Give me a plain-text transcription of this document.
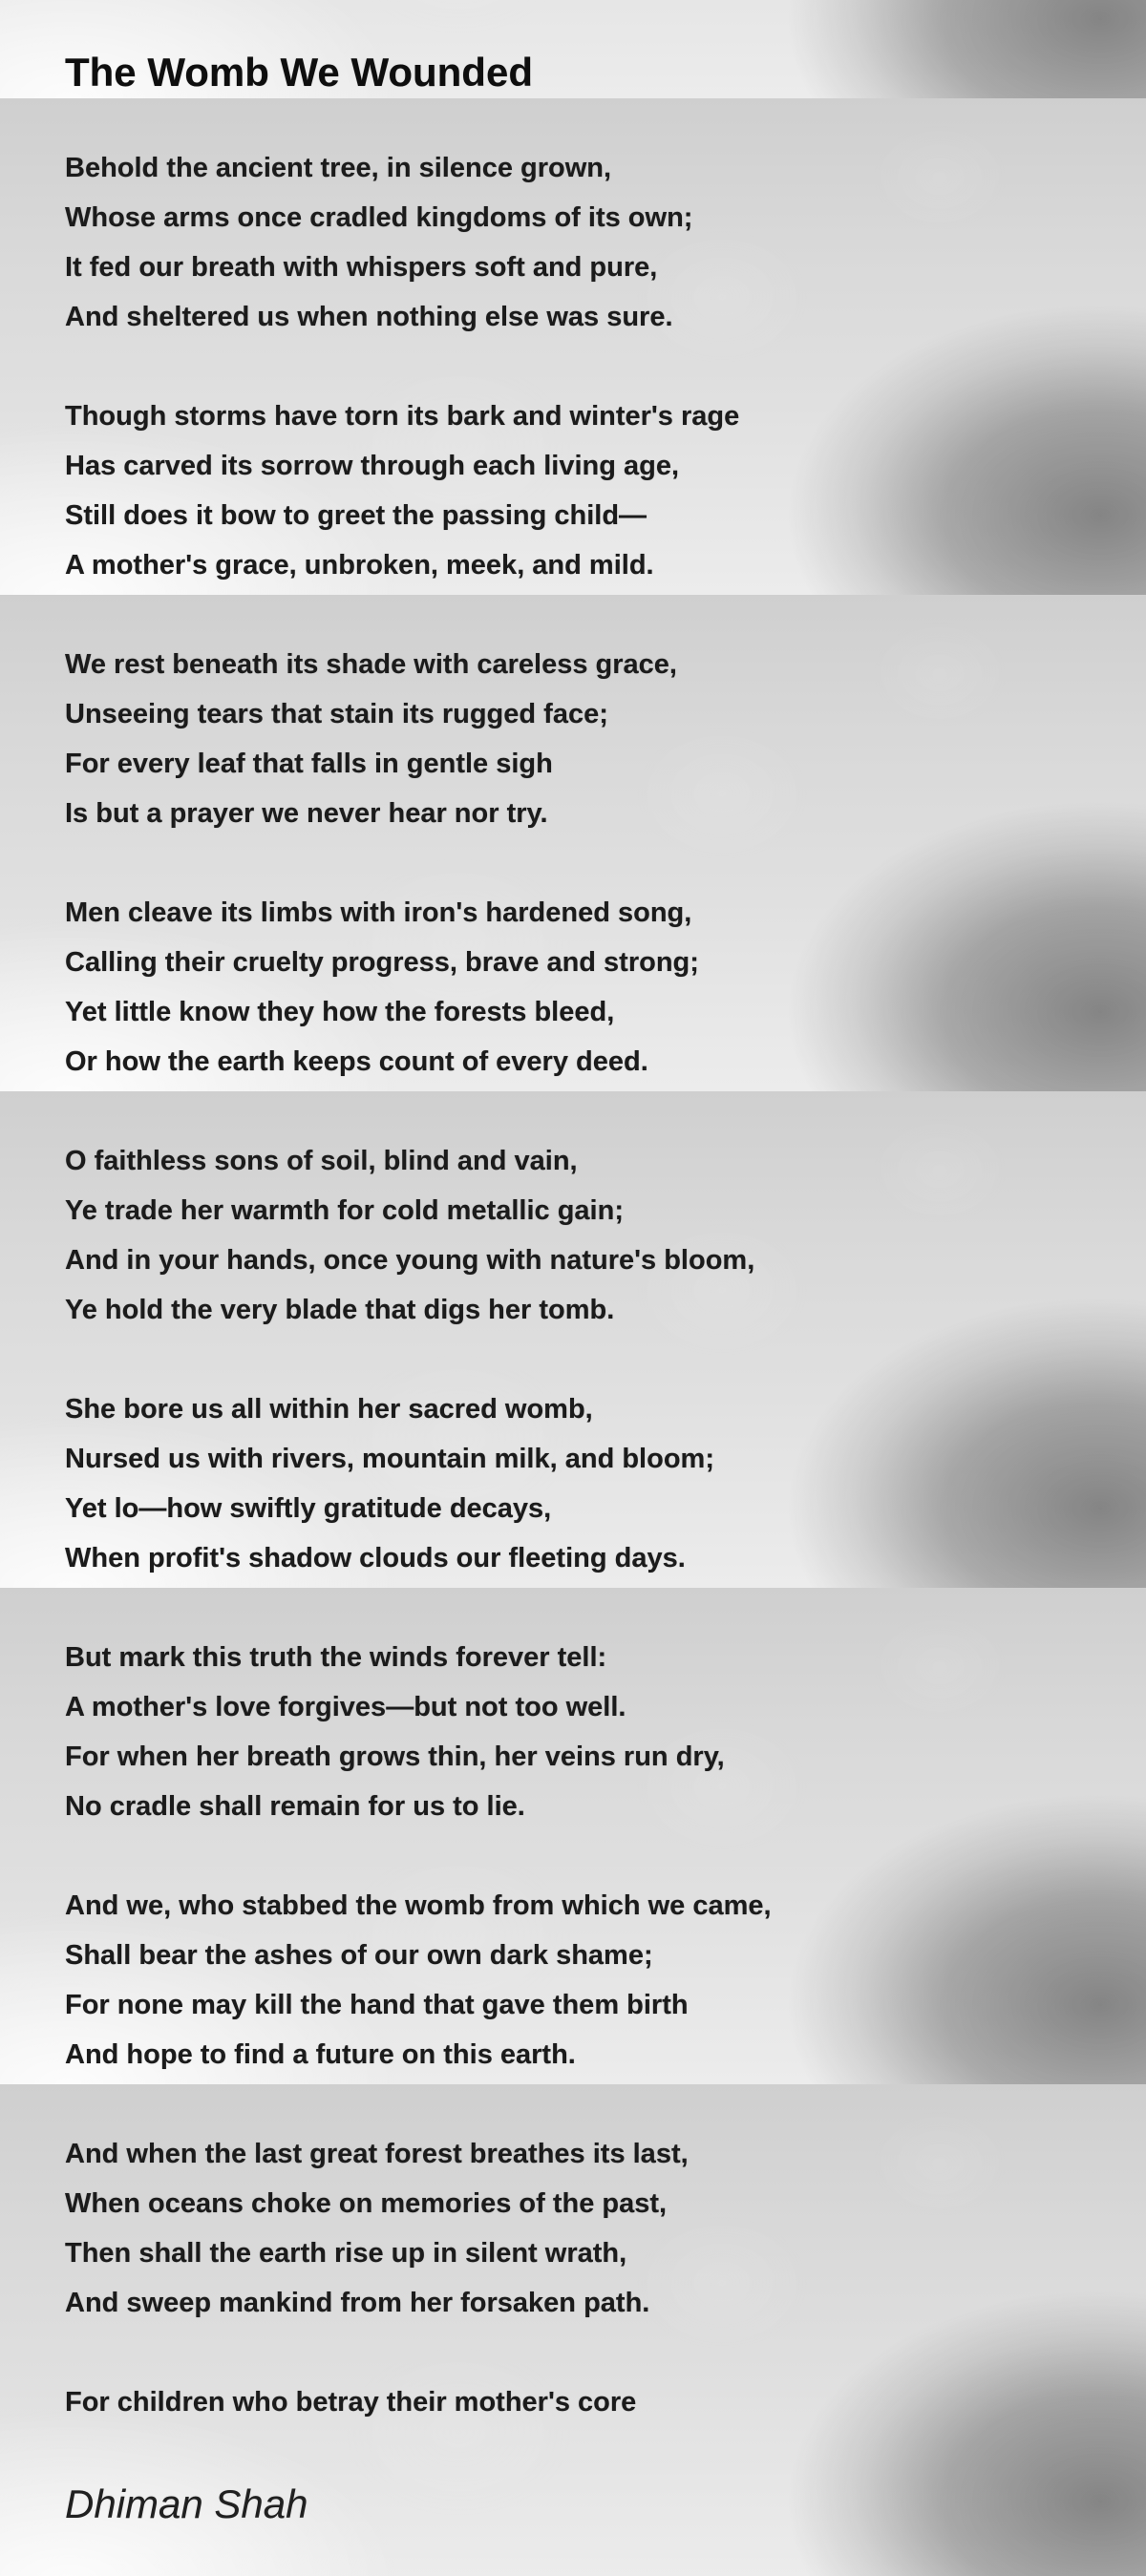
The Womb We Wounded
Behold the ancient tree, in silence grown,
Whose arms once cradled kingdoms of its own;
It fed our breath with whispers soft and pure,
And sheltered us when nothing else was sure.
Though storms have torn its bark and winter's rage
Has carved its sorrow through each living age,
Still does it bow to greet the passing child—
A mother's grace, unbroken, meek, and mild.
We rest beneath its shade with careless grace,
Unseeing tears that stain its rugged face;
For every leaf that falls in gentle sigh
Is but a prayer we never hear nor try.
Men cleave its limbs with iron's hardened song,
Calling their cruelty progress, brave and strong;
Yet little know they how the forests bleed,
Or how the earth keeps count of every deed.
O faithless sons of soil, blind and vain,
Ye trade her warmth for cold metallic gain;
And in your hands, once young with nature's bloom,
Ye hold the very blade that digs her tomb.
She bore us all within her sacred womb,
Nursed us with rivers, mountain milk, and bloom;
Yet lo—how swiftly gratitude decays,
When profit's shadow clouds our fleeting days.
But mark this truth the winds forever tell:
A mother's love forgives—but not too well.
For when her breath grows thin, her veins run dry,
No cradle shall remain for us to lie.
And we, who stabbed the womb from which we came,
Shall bear the ashes of our own dark shame;
For none may kill the hand that gave them birth
And hope to find a future on this earth.
And when the last great forest breathes its last,
When oceans choke on memories of the past,
Then shall the earth rise up in silent wrath,
And sweep mankind from her forsaken path.
For children who betray their mother's core
Dhiman Shah
